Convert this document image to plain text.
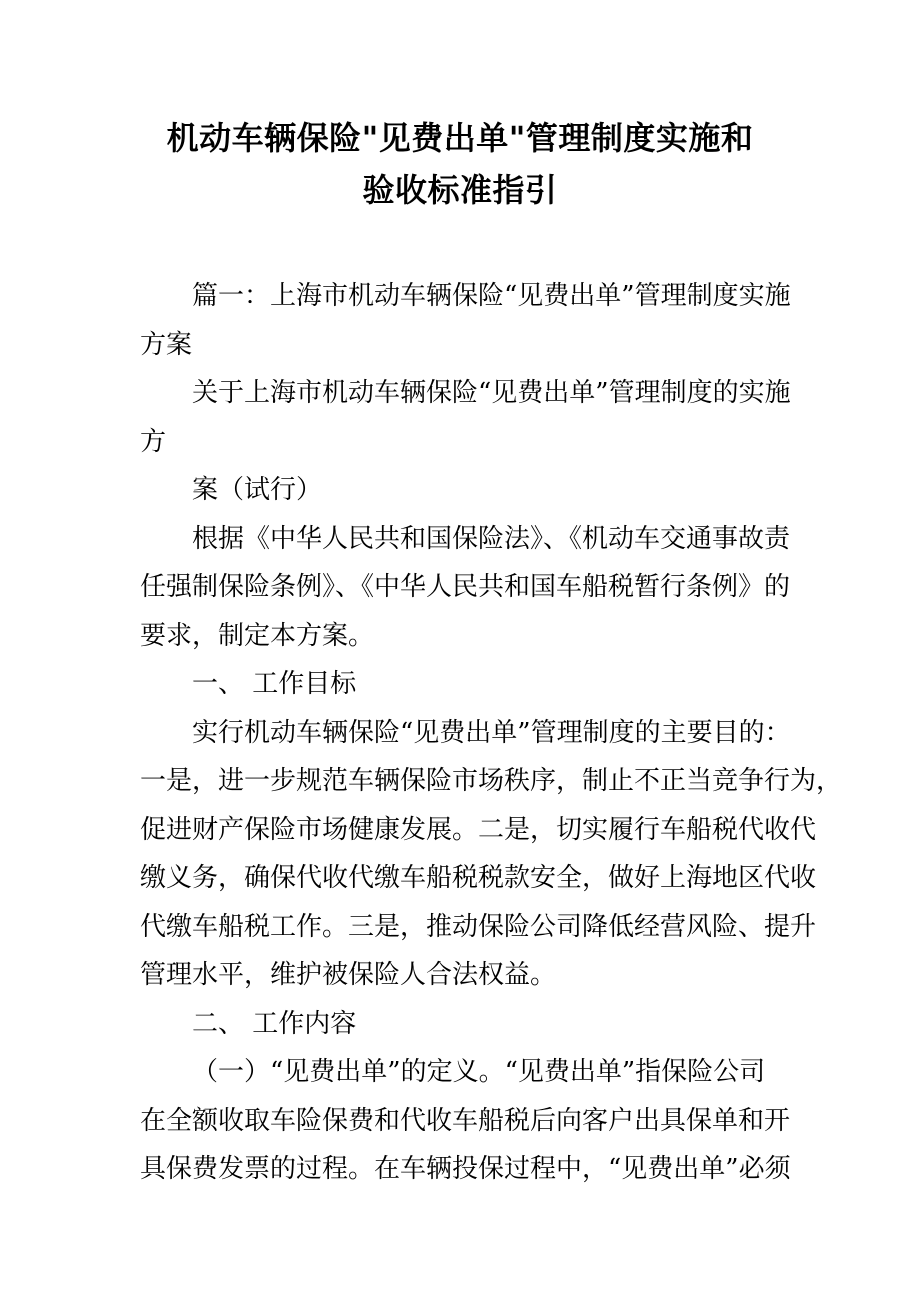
机动车辆保险"见费出单"管理制度实施和
验收标准指引

篇一：上海市机动车辆保险“见费出单”管理制度实施
方案

关于上海市机动车辆保险“见费出单”管理制度的实施
方

案（试行）

根据《中华人民共和国保险法》、《机动车交通事故责
任强制保险条例》、《中华人民共和国车船税暂行条例》的
要求，制定本方案。

一、 工作目标

实行机动车辆保险“见费出单”管理制度的主要目的：
一是，进一步规范车辆保险市场秩序，制止不正当竞争行为，
促进财产保险市场健康发展。二是，切实履行车船税代收代
缴义务，确保代收代缴车船税税款安全，做好上海地区代收
代缴车船税工作。三是，推动保险公司降低经营风险、提升
管理水平，维护被保险人合法权益。

二、 工作内容

（一）“见费出单”的定义。“见费出单”指保险公司
在全额收取车险保费和代收车船税后向客户出具保单和开
具保费发票的过程。在车辆投保过程中，“见费出单”必须
